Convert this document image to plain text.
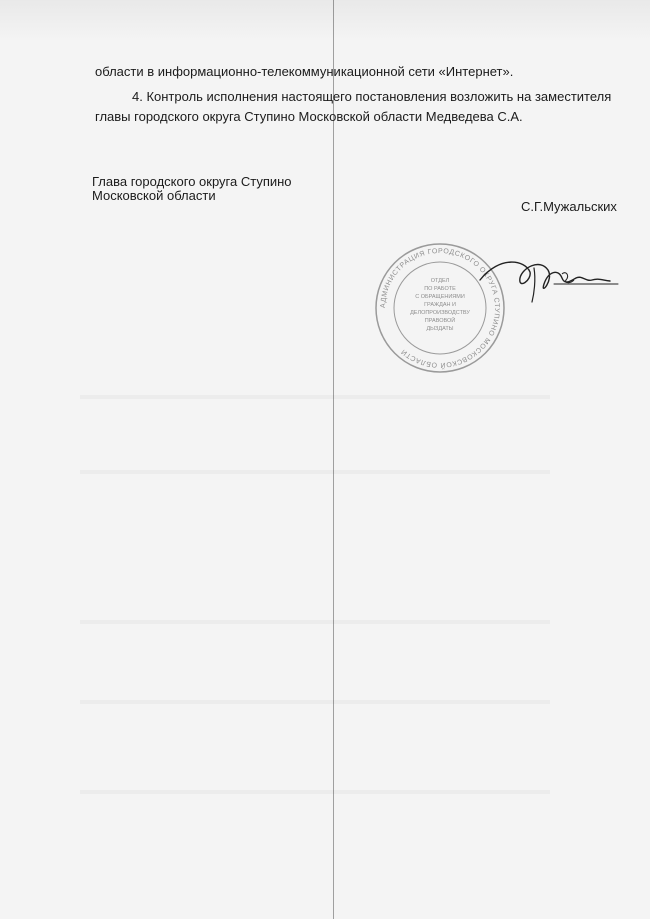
области в информационно-телекоммуникационной сети «Интернет».
4. Контроль исполнения настоящего постановления возложить на заместителя
главы городского округа Ступино Московской области Медведева С.А.
Глава городского округа Ступино
Московской области
С.Г.Мужальских
АДМИНИСТРАЦИЯ ГОРОДСКОГО ОКРУГА СТУПИНО МОСКОВСКОЙ ОБЛАСТИ
ОТДЕЛ
ПО РАБОТЕ
С ОБРАЩЕНИЯМИ
ГРАЖДАН И
ДЕЛОПРОИЗВОДСТВУ
ПРАВОВОЙ
ДЫЗДАТЫ
